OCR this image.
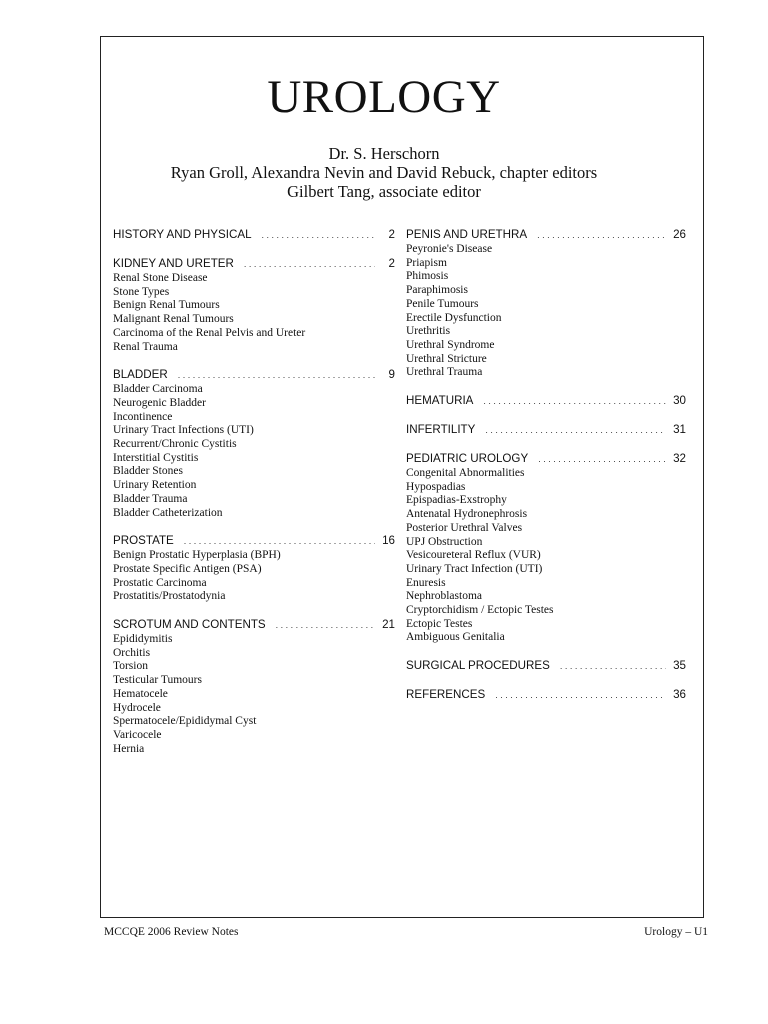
UROLOGY
Dr. S. Herschorn
Ryan Groll, Alexandra Nevin and David Rebuck, chapter editors
Gilbert Tang, associate editor
HISTORY AND PHYSICAL . . .	2
KIDNEY AND URETER . . .	2
Renal Stone Disease
Stone Types
Benign Renal Tumours
Malignant Renal Tumours
Carcinoma of the Renal Pelvis and Ureter
Renal Trauma
BLADDER . . .	9
Bladder Carcinoma
Neurogenic Bladder
Incontinence
Urinary Tract Infections (UTI)
Recurrent/Chronic Cystitis
Interstitial Cystitis
Bladder Stones
Urinary Retention
Bladder Trauma
Bladder Catheterization
PROSTATE . . .	16
Benign Prostatic Hyperplasia (BPH)
Prostate Specific Antigen (PSA)
Prostatic Carcinoma
Prostatitis/Prostatodynia
SCROTUM AND CONTENTS . . .	21
Epididymitis
Orchitis
Torsion
Testicular Tumours
Hematocele
Hydrocele
Spermatocele/Epididymal Cyst
Varicocele
Hernia
PENIS AND URETHRA . . .	26
Peyronie's Disease
Priapism
Phimosis
Paraphimosis
Penile Tumours
Erectile Dysfunction
Urethritis
Urethral Syndrome
Urethral Stricture
Urethral Trauma
HEMATURIA . . .	30
INFERTILITY . . .	31
PEDIATRIC UROLOGY . . .	32
Congenital Abnormalities
Hypospadias
Epispadias-Exstrophy
Antenatal Hydronephrosis
Posterior Urethral Valves
UPJ Obstruction
Vesicoureteral Reflux (VUR)
Urinary Tract Infection (UTI)
Enuresis
Nephroblastoma
Cryptorchidism / Ectopic Testes
Ectopic Testes
Ambiguous Genitalia
SURGICAL PROCEDURES . . .	35
REFERENCES . . .	36
MCCQE 2006 Review Notes	Urology – U1
